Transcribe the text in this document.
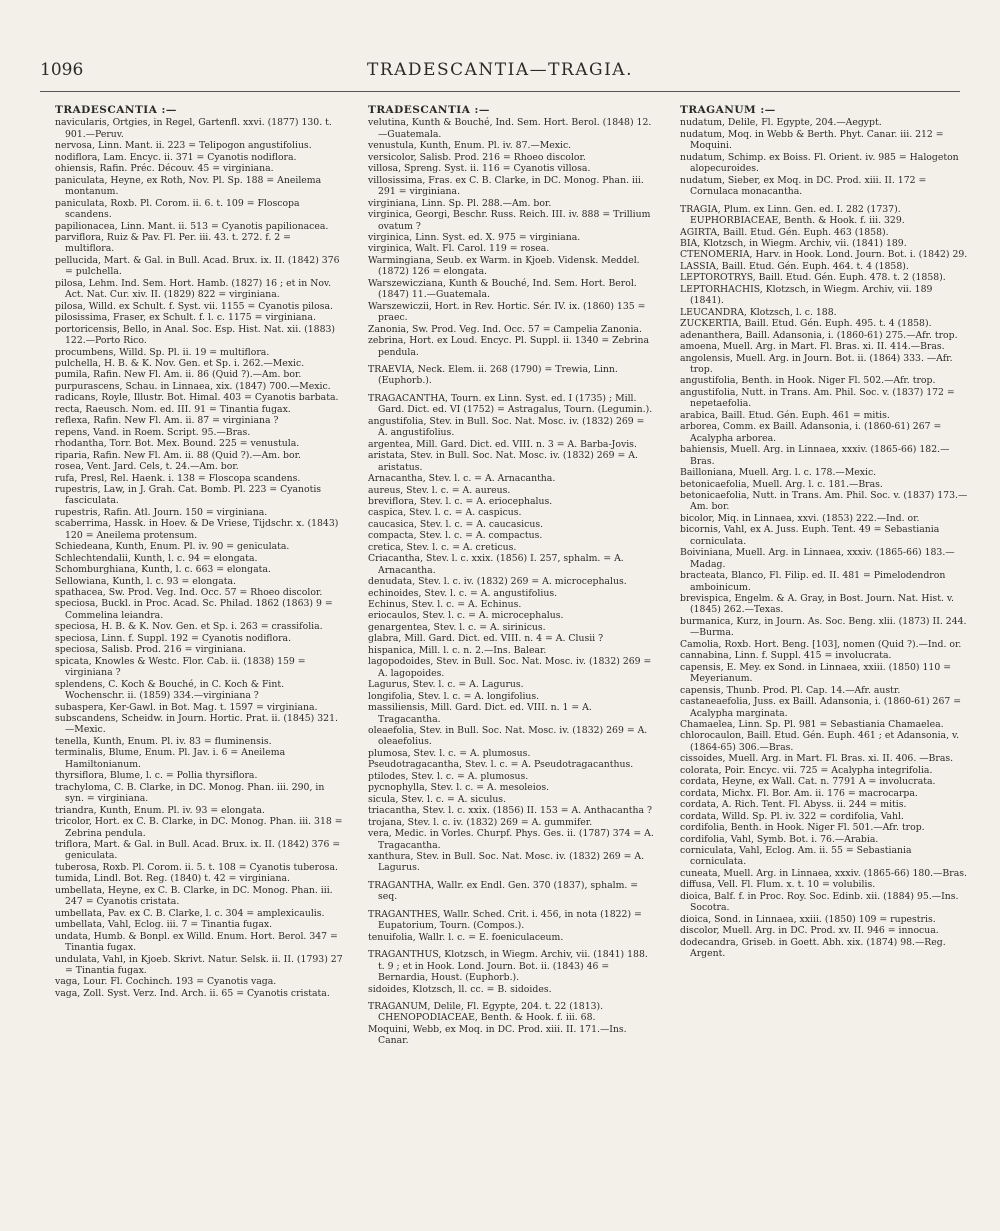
1096	TRADESCANTIA—TRAGIA.
TRADESCANTIA :—

navicularis, Ortgies, in Regel, Gartenfl. xxvi. (1877) 130. t. 901.—Peruv.

nervosa, Linn. Mant. ii. 223 = Telipogon angustifolius.

nodiflora, Lam. Encyc. ii. 371 = Cyanotis nodiflora.

ohiensis, Rafin. Préc. Découv. 45 = virginiana.

paniculata, Heyne, ex Roth, Nov. Pl. Sp. 188 = Aneilema montanum.

paniculata, Roxb. Pl. Corom. ii. 6. t. 109 = Floscopa scandens.

papilionacea, Linn. Mant. ii. 513 = Cyanotis papilionacea.

parviflora, Ruiz & Pav. Fl. Per. iii. 43. t. 272. f. 2 = multiflora.

pellucida, Mart. & Gal. in Bull. Acad. Brux. ix. II. (1842) 376 = pulchella.

pilosa, Lehm. Ind. Sem. Hort. Hamb. (1827) 16 ; et in Nov. Act. Nat. Cur. xiv. II. (1829) 822 = virginiana.

pilosa, Willd. ex Schult. f. Syst. vii. 1155 = Cyanotis pilosa.

pilosissima, Fraser, ex Schult. f. l. c. 1175 = virginiana.

portoricensis, Bello, in Anal. Soc. Esp. Hist. Nat. xii. (1883) 122.—Porto Rico.

procumbens, Willd. Sp. Pl. ii. 19 = multiflora.

pulchella, H. B. & K. Nov. Gen. et Sp. i. 262.—Mexic.

pumila, Rafin. New Fl. Am. ii. 86 (Quid ?).—Am. bor.

purpurascens, Schau. in Linnaea, xix. (1847) 700.—Mexic.

radicans, Royle, Illustr. Bot. Himal. 403 = Cyanotis barbata.

recta, Raeusch. Nom. ed. III. 91 = Tinantia fugax.

reflexa, Rafin. New Fl. Am. ii. 87 = virginiana ?

repens, Vand. in Roem. Script. 95.—Bras.

rhodantha, Torr. Bot. Mex. Bound. 225 = venustula.

riparia, Rafin. New Fl. Am. ii. 88 (Quid ?).—Am. bor.

rosea, Vent. Jard. Cels, t. 24.—Am. bor.

rufa, Presl, Rel. Haenk. i. 138 = Floscopa scandens.

rupestris, Law, in J. Grah. Cat. Bomb. Pl. 223 = Cyanotis fasciculata.

rupestris, Rafin. Atl. Journ. 150 = virginiana.

scaberrima, Hassk. in Hoev. & De Vriese, Tijdschr. x. (1843) 120 = Aneilema protensum.

Schiedeana, Kunth, Enum. Pl. iv. 90 = geniculata.

Schlechtendalii, Kunth, l. c. 94 = elongata.

Schomburghiana, Kunth, l. c. 663 = elongata.

Sellowiana, Kunth, l. c. 93 = elongata.

spathacea, Sw. Prod. Veg. Ind. Occ. 57 = Rhoeo discolor.

speciosa, Buckl. in Proc. Acad. Sc. Philad. 1862 (1863) 9 = Commelina leiandra.

speciosa, H. B. & K. Nov. Gen. et Sp. i. 263 = crassifolia.

speciosa, Linn. f. Suppl. 192 = Cyanotis nodiflora.

speciosa, Salisb. Prod. 216 = virginiana.

spicata, Knowles & Westc. Flor. Cab. ii. (1838) 159 = virginiana ?

splendens, C. Koch & Bouché, in C. Koch & Fint. Wochenschr. ii. (1859) 334.—virginiana ?

subaspera, Ker-Gawl. in Bot. Mag. t. 1597 = virginiana.

subscandens, Scheidw. in Journ. Hortic. Prat. ii. (1845) 321.—Mexic.

tenella, Kunth, Enum. Pl. iv. 83 = fluminensis.

terminalis, Blume, Enum. Pl. Jav. i. 6 = Aneilema Hamiltonianum.

thyrsiflora, Blume, l. c. = Pollia thyrsiflora.

trachyloma, C. B. Clarke, in DC. Monog. Phan. iii. 290, in syn. = virginiana.

triandra, Kunth, Enum. Pl. iv. 93 = elongata.

tricolor, Hort. ex C. B. Clarke, in DC. Monog. Phan. iii. 318 = Zebrina pendula.

triflora, Mart. & Gal. in Bull. Acad. Brux. ix. II. (1842) 376 = geniculata.

tuberosa, Roxb. Pl. Corom. ii. 5. t. 108 = Cyanotis tuberosa.

tumida, Lindl. Bot. Reg. (1840) t. 42 = virginiana.

umbellata, Heyne, ex C. B. Clarke, in DC. Monog. Phan. iii. 247 = Cyanotis cristata.

umbellata, Pav. ex C. B. Clarke, l. c. 304 = amplexicaulis.

umbellata, Vahl, Eclog. iii. 7 = Tinantia fugax.

undata, Humb. & Bonpl. ex Willd. Enum. Hort. Berol. 347 = Tinantia fugax.

undulata, Vahl, in Kjoeb. Skrivt. Natur. Selsk. ii. II. (1793) 27 = Tinantia fugax.

vaga, Lour. Fl. Cochinch. 193 = Cyanotis vaga.

vaga, Zoll. Syst. Verz. Ind. Arch. ii. 65 = Cyanotis cristata.

TRADESCANTIA :—

velutina, Kunth & Bouché, Ind. Sem. Hort. Berol. (1848) 12.—Guatemala.

venustula, Kunth, Enum. Pl. iv. 87.—Mexic.

versicolor, Salisb. Prod. 216 = Rhoeo discolor.

villosa, Spreng. Syst. ii. 116 = Cyanotis villosa.

villosissima, Fras. ex C. B. Clarke, in DC. Monog. Phan. iii. 291 = virginiana.

virginiana, Linn. Sp. Pl. 288.—Am. bor.

virginica, Georgi, Beschr. Russ. Reich. III. iv. 888 = Trillium ovatum ?

virginica, Linn. Syst. ed. X. 975 = virginiana.

virginica, Walt. Fl. Carol. 119 = rosea.

Warmingiana, Seub. ex Warm. in Kjoeb. Vidensk. Meddel. (1872) 126 = elongata.

Warszewicziana, Kunth & Bouché, Ind. Sem. Hort. Berol. (1847) 11.—Guatemala.

Warszewiczii, Hort. in Rev. Hortic. Sér. IV. ix. (1860) 135 = praec.

Zanonia, Sw. Prod. Veg. Ind. Occ. 57 = Campelia Zanonia.

zebrina, Hort. ex Loud. Encyc. Pl. Suppl. ii. 1340 = Zebrina pendula.

TRAEVIA, Neck. Elem. ii. 268 (1790) = Trewia, Linn. (Euphorb.).

TRAGACANTHA, Tourn. ex Linn. Syst. ed. I (1735) ; Mill. Gard. Dict. ed. VI (1752) = Astragalus, Tourn. (Legumin.).

angustifolia, Stev. in Bull. Soc. Nat. Mosc. iv. (1832) 269 = A. angustifolius.

argentea, Mill. Gard. Dict. ed. VIII. n. 3 = A. Barba-Jovis.

aristata, Stev. in Bull. Soc. Nat. Mosc. iv. (1832) 269 = A. aristatus.

Arnacantha, Stev. l. c. = A. Arnacantha.

aureus, Stev. l. c. = A. aureus.

breviflora, Stev. l. c. = A. eriocephalus.

caspica, Stev. l. c. = A. caspicus.

caucasica, Stev. l. c. = A. caucasicus.

compacta, Stev. l. c. = A. compactus.

cretica, Stev. l. c. = A. creticus.

Criacantha, Stev. l. c. xxix. (1856) I. 257, sphalm. = A. Arnacantha.

denudata, Stev. l. c. iv. (1832) 269 = A. microcephalus.

echinoides, Stev. l. c. = A. angustifolius.

Echinus, Stev. l. c. = A. Echinus.

eriocaulos, Stev. l. c. = A. microcephalus.

genargentea, Stev. l. c. = A. sirinicus.

glabra, Mill. Gard. Dict. ed. VIII. n. 4 = A. Clusii ?

hispanica, Mill. l. c. n. 2.—Ins. Balear.

lagopodoides, Stev. in Bull. Soc. Nat. Mosc. iv. (1832) 269 = A. lagopoides.

Lagurus, Stev. l. c. = A. Lagurus.

longifolia, Stev. l. c. = A. longifolius.

massiliensis, Mill. Gard. Dict. ed. VIII. n. 1 = A. Tragacantha.

oleaefolia, Stev. in Bull. Soc. Nat. Mosc. iv. (1832) 269 = A. oleaefolius.

plumosa, Stev. l. c. = A. plumosus.

Pseudotragacantha, Stev. l. c. = A. Pseudotragacanthus.

ptilodes, Stev. l. c. = A. plumosus.

pycnophylla, Stev. l. c. = A. mesoleios.

sicula, Stev. l. c. = A. siculus.

triacantha, Stev. l. c. xxix. (1856) II. 153 = A. Anthacantha ?

trojana, Stev. l. c. iv. (1832) 269 = A. gummifer.

vera, Medic. in Vorles. Churpf. Phys. Ges. ii. (1787) 374 = A. Tragacantha.

xanthura, Stev. in Bull. Soc. Nat. Mosc. iv. (1832) 269 = A. Lagurus.

TRAGANTHA, Wallr. ex Endl. Gen. 370 (1837), sphalm. = seq.

TRAGANTHES, Wallr. Sched. Crit. i. 456, in nota (1822) = Eupatorium, Tourn. (Compos.).

tenuifolia, Wallr. l. c. = E. foeniculaceum.

TRAGANTHUS, Klotzsch, in Wiegm. Archiv, vii. (1841) 188. t. 9 ; et in Hook. Lond. Journ. Bot. ii. (1843) 46 = Bernardia, Houst. (Euphorb.).

sidoides, Klotzsch, ll. cc. = B. sidoides.

TRAGANUM, Delile, Fl. Egypte, 204. t. 22 (1813). CHENOPODIACEAE, Benth. & Hook. f. iii. 68.

Moquini, Webb, ex Moq. in DC. Prod. xiii. II. 171.—Ins. Canar.

TRAGANUM :—

nudatum, Delile, Fl. Egypte, 204.—Aegypt.

nudatum, Moq. in Webb & Berth. Phyt. Canar. iii. 212 = Moquini.

nudatum, Schimp. ex Boiss. Fl. Orient. iv. 985 = Halogeton alopecuroides.

nudatum, Sieber, ex Moq. in DC. Prod. xiii. II. 172 = Cornulaca monacantha.

TRAGIA, Plum. ex Linn. Gen. ed. I. 282 (1737). EUPHORBIACEAE, Benth. & Hook. f. iii. 329.

AGIRTA, Baill. Etud. Gén. Euph. 463 (1858).

BIA, Klotzsch, in Wiegm. Archiv, vii. (1841) 189.

CTENOMERIA, Harv. in Hook. Lond. Journ. Bot. i. (1842) 29.

LASSIA, Baill. Etud. Gén. Euph. 464. t. 4 (1858).

LEPTOROTRYS, Baill. Etud. Gén. Euph. 478. t. 2 (1858).

LEPTORHACHIS, Klotzsch, in Wiegm. Archiv, vii. 189 (1841).

LEUCANDRA, Klotzsch, l. c. 188.

ZUCKERTIA, Baill. Etud. Gén. Euph. 495. t. 4 (1858).

adenanthera, Baill. Adansonia, i. (1860-61) 275.—Afr. trop.

amoena, Muell. Arg. in Mart. Fl. Bras. xi. II. 414.—Bras.

angolensis, Muell. Arg. in Journ. Bot. ii. (1864) 333. —Afr. trop.

angustifolia, Benth. in Hook. Niger Fl. 502.—Afr. trop.

angustifolia, Nutt. in Trans. Am. Phil. Soc. v. (1837) 172 = nepetaefolia.

arabica, Baill. Etud. Gén. Euph. 461 = mitis.

arborea, Comm. ex Baill. Adansonia, i. (1860-61) 267 = Acalypha arborea.

bahiensis, Muell. Arg. in Linnaea, xxxiv. (1865-66) 182.—Bras.

Bailloniana, Muell. Arg. l. c. 178.—Mexic.

betonicaefolia, Muell. Arg. l. c. 181.—Bras.

betonicaefolia, Nutt. in Trans. Am. Phil. Soc. v. (1837) 173.—Am. bor.

bicolor, Miq. in Linnaea, xxvi. (1853) 222.—Ind. or.

bicornis, Vahl, ex A. Juss. Euph. Tent. 49 = Sebastiania corniculata.

Boiviniana, Muell. Arg. in Linnaea, xxxiv. (1865-66) 183.—Madag.

bracteata, Blanco, Fl. Filip. ed. II. 481 = Pimelodendron amboinicum.

brevispica, Engelm. & A. Gray, in Bost. Journ. Nat. Hist. v. (1845) 262.—Texas.

burmanica, Kurz, in Journ. As. Soc. Beng. xlii. (1873) II. 244.—Burma.

Camolia, Roxb. Hort. Beng. [103], nomen (Quid ?).—Ind. or.

cannabina, Linn. f. Suppl. 415 = involucrata.

capensis, E. Mey. ex Sond. in Linnaea, xxiii. (1850) 110 = Meyerianum.

capensis, Thunb. Prod. Pl. Cap. 14.—Afr. austr.

castaneaefolia, Juss. ex Baill. Adansonia, i. (1860-61) 267 = Acalypha marginata.

Chamaelea, Linn. Sp. Pl. 981 = Sebastiania Chamaelea.

chlorocaulon, Baill. Etud. Gén. Euph. 461 ; et Adansonia, v. (1864-65) 306.—Bras.

cissoides, Muell. Arg. in Mart. Fl. Bras. xi. II. 406. —Bras.

colorata, Poir. Encyc. vii. 725 = Acalypha integrifolia.

cordata, Heyne, ex Wall. Cat. n. 7791 A = involucrata.

cordata, Michx. Fl. Bor. Am. ii. 176 = macrocarpa.

cordata, A. Rich. Tent. Fl. Abyss. ii. 244 = mitis.

cordata, Willd. Sp. Pl. iv. 322 = cordifolia, Vahl.

cordifolia, Benth. in Hook. Niger Fl. 501.—Afr. trop.

cordifolia, Vahl, Symb. Bot. i. 76.—Arabia.

corniculata, Vahl, Eclog. Am. ii. 55 = Sebastiania corniculata.

cuneata, Muell. Arg. in Linnaea, xxxiv. (1865-66) 180.—Bras.

diffusa, Vell. Fl. Flum. x. t. 10 = volubilis.

dioica, Balf. f. in Proc. Roy. Soc. Edinb. xii. (1884) 95.—Ins. Socotra.

dioica, Sond. in Linnaea, xxiii. (1850) 109 = rupestris.

discolor, Muell. Arg. in DC. Prod. xv. II. 946 = innocua.

dodecandra, Griseb. in Goett. Abh. xix. (1874) 98.—Reg. Argent.
